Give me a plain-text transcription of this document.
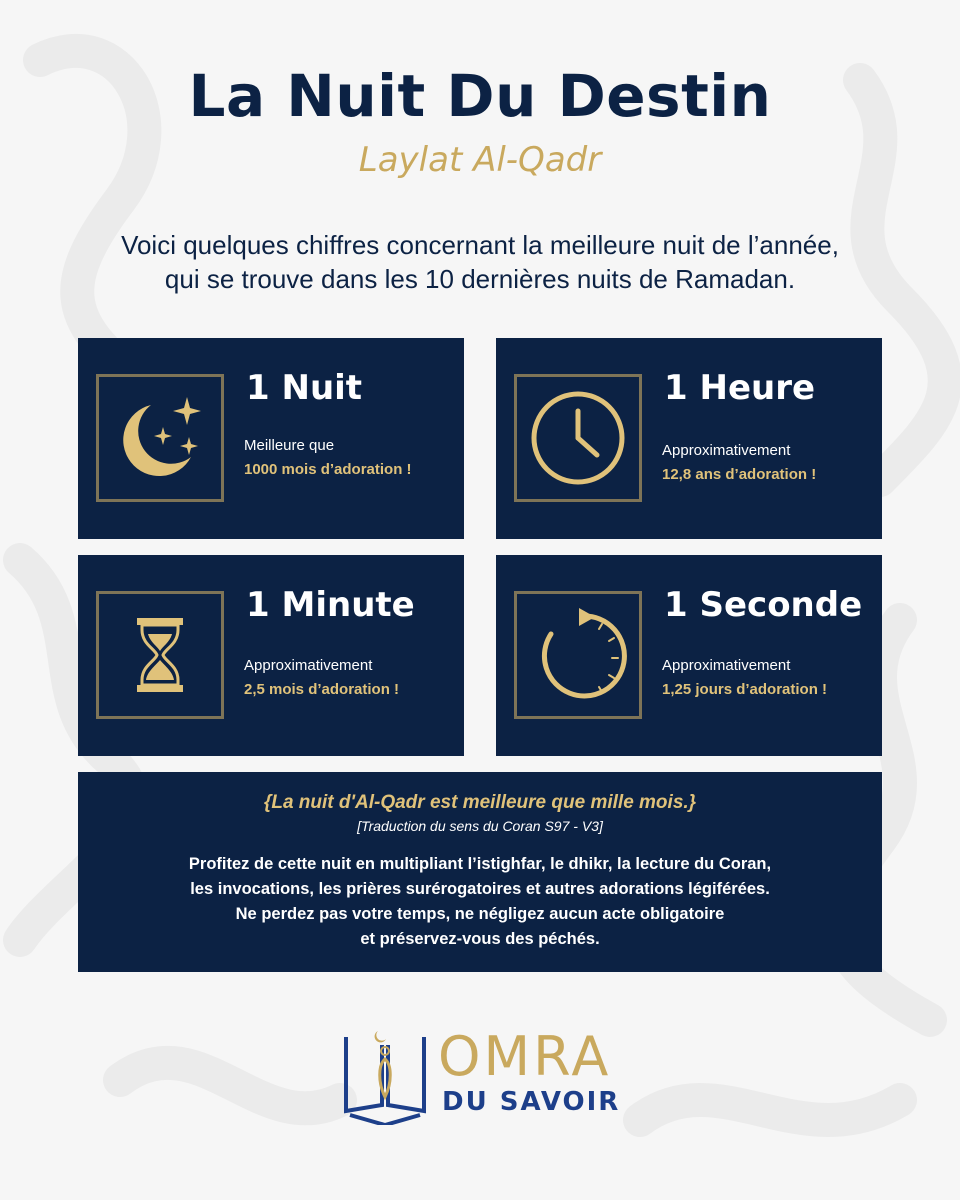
La Nuit Du Destin
Laylat Al-Qadr
Voici quelques chiffres concernant la meilleure nuit de l’année,
qui se trouve dans les 10 dernières nuits de Ramadan.
1 Nuit
Meilleure que
1000 mois d’adoration !
1 Heure
Approximativement
12,8 ans d’adoration !
1 Minute
Approximativement
2,5 mois d’adoration !
1 Seconde
Approximativement
1,25 jours d’adoration !
{La nuit d'Al-Qadr est meilleure que mille mois.}
[Traduction du sens du Coran S97 - V3]
Profitez de cette nuit en multipliant l’istighfar, le dhikr, la lecture du Coran,
les invocations, les prières surérogatoires et autres adorations légiférées.
Ne perdez pas votre temps, ne négligez aucun acte obligatoire
et préservez-vous des péchés.
OMRA
DU SAVOIR
